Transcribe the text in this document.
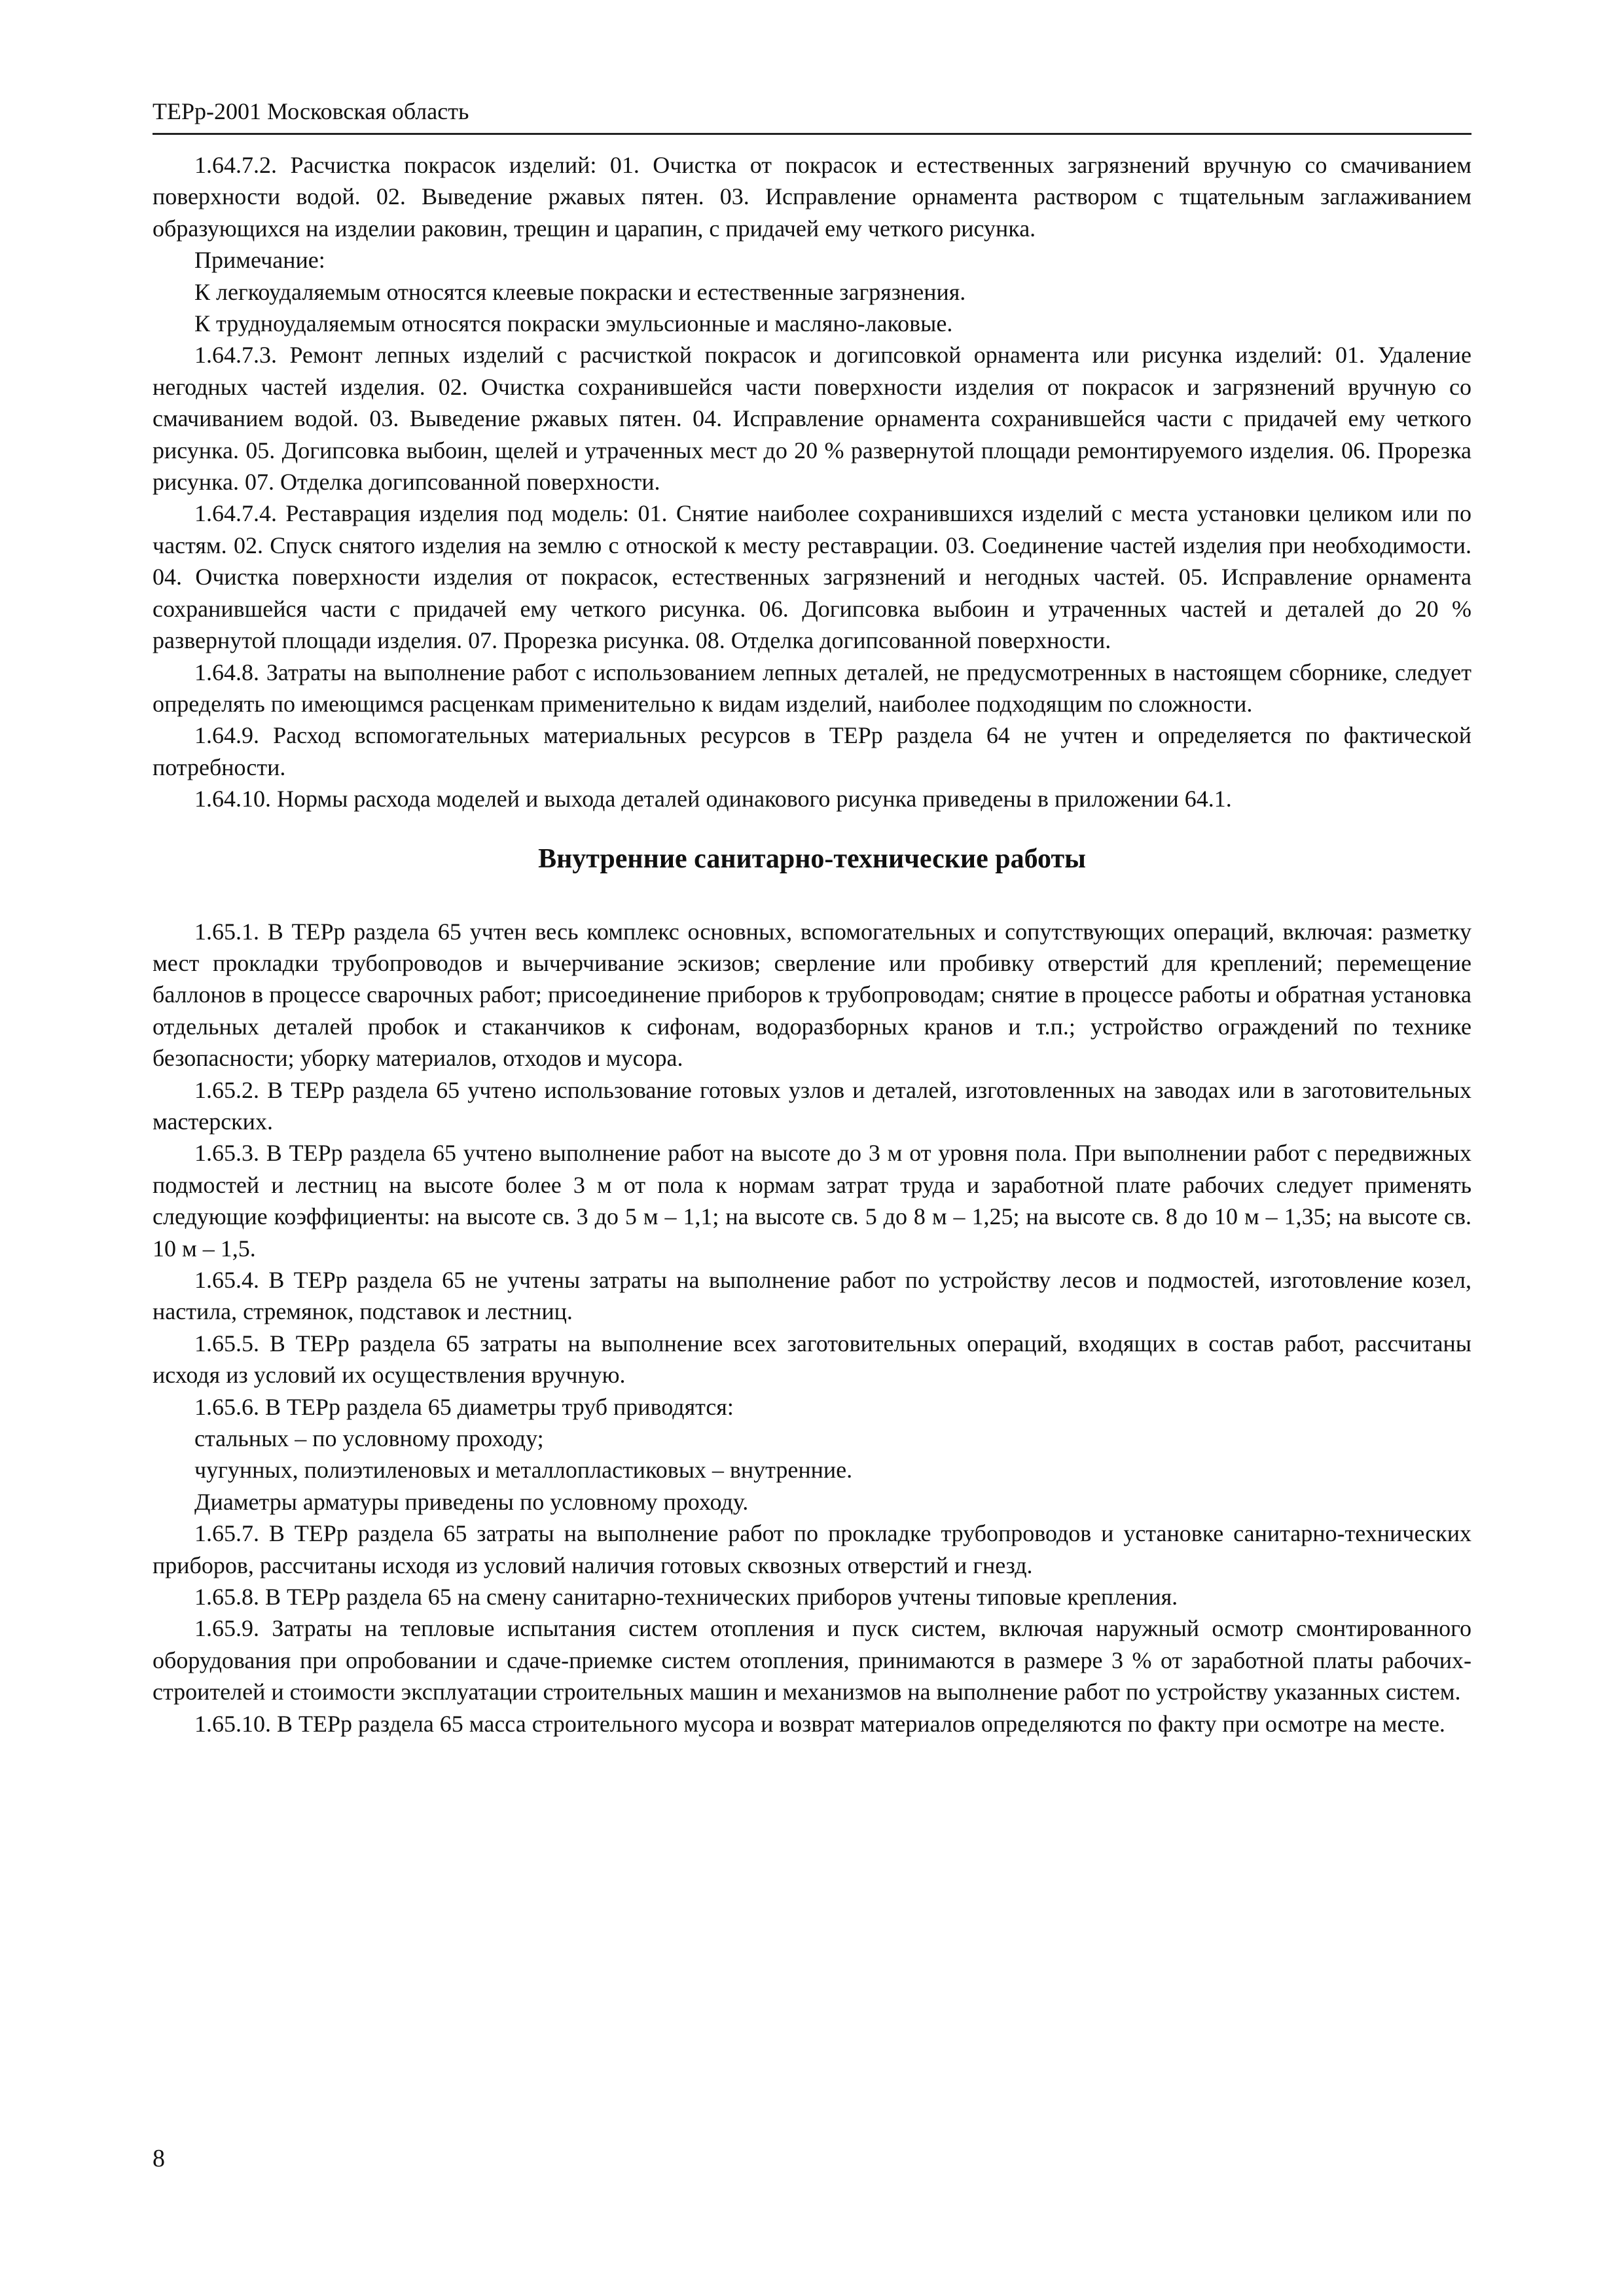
ТЕРр-2001 Московская область

1.64.7.2. Расчистка покрасок изделий: 01. Очистка от покрасок и естественных загрязнений вручную со смачиванием поверхности водой. 02. Выведение ржавых пятен. 03. Исправление орнамента раствором с тщательным заглаживанием образующихся на изделии раковин, трещин и царапин, с придачей ему четкого рисунка.

Примечание:

К легкоудаляемым относятся клеевые покраски и естественные загрязнения.

К трудноудаляемым относятся покраски эмульсионные и масляно-лаковые.

1.64.7.3. Ремонт лепных изделий с расчисткой покрасок и догипсовкой орнамента или рисунка изделий: 01. Удаление негодных частей изделия. 02. Очистка сохранившейся части поверхности изделия от покрасок и загрязнений вручную со смачиванием водой. 03. Выведение ржавых пятен. 04. Исправление орнамента сохранившейся части с придачей ему четкого рисунка. 05. Догипсовка выбоин, щелей и утраченных мест до 20 % развернутой площади ремонтируемого изделия. 06. Прорезка рисунка. 07. Отделка догипсованной поверхности.

1.64.7.4. Реставрация изделия под модель: 01. Снятие наиболее сохранившихся изделий с места установки целиком или по частям. 02. Спуск снятого изделия на землю с отноской к месту реставрации. 03. Соединение частей изделия при необходимости. 04. Очистка поверхности изделия от покрасок, естественных загрязнений и негодных частей. 05. Исправление орнамента сохранившейся части с придачей ему четкого рисунка. 06. Догипсовка выбоин и утраченных частей и деталей до 20 % развернутой площади изделия. 07. Прорезка рисунка. 08. Отделка догипсованной поверхности.

1.64.8. Затраты на выполнение работ с использованием лепных деталей, не предусмотренных в настоящем сборнике, следует определять по имеющимся расценкам применительно к видам изделий, наиболее подходящим по сложности.

1.64.9. Расход вспомогательных материальных ресурсов в ТЕРр раздела 64 не учтен и определяется по фактической потребности.

1.64.10. Нормы расхода моделей и выхода деталей одинакового рисунка приведены в приложении 64.1.

Внутренние санитарно-технические работы

1.65.1. В ТЕРр раздела 65 учтен весь комплекс основных, вспомогательных и сопутствующих операций, включая: разметку мест прокладки трубопроводов и вычерчивание эскизов; сверление или пробивку отверстий для креплений; перемещение баллонов в процессе сварочных работ; присоединение приборов к трубопроводам; снятие в процессе работы и обратная установка отдельных деталей пробок и стаканчиков к сифонам, водоразборных кранов и т.п.; устройство ограждений по технике безопасности; уборку материалов, отходов и мусора.

1.65.2. В ТЕРр раздела 65 учтено использование готовых узлов и деталей, изготовленных на заводах или в заготовительных мастерских.

1.65.3. В ТЕРр раздела 65 учтено выполнение работ на высоте до 3 м от уровня пола. При выполнении работ с передвижных подмостей и лестниц на высоте более 3 м от пола к нормам затрат труда и заработной плате рабочих следует применять следующие коэффициенты: на высоте св. 3 до 5 м – 1,1; на высоте св. 5 до 8 м – 1,25; на высоте св. 8 до 10 м – 1,35; на высоте св. 10 м – 1,5.

1.65.4. В ТЕРр раздела 65 не учтены затраты на выполнение работ по устройству лесов и подмостей, изготовление козел, настила, стремянок, подставок и лестниц.

1.65.5. В ТЕРр раздела 65 затраты на выполнение всех заготовительных операций, входящих в состав работ, рассчитаны исходя из условий их осуществления вручную.

1.65.6. В ТЕРр раздела 65 диаметры труб приводятся:

стальных – по условному проходу;

чугунных, полиэтиленовых и металлопластиковых – внутренние.

Диаметры арматуры приведены по условному проходу.

1.65.7. В ТЕРр раздела 65 затраты на выполнение работ по прокладке трубопроводов и установке санитарно-технических приборов, рассчитаны исходя из условий наличия готовых сквозных отверстий и гнезд.

1.65.8. В ТЕРр раздела 65 на смену санитарно-технических приборов учтены типовые крепления.

1.65.9. Затраты на тепловые испытания систем отопления и пуск систем, включая наружный осмотр смонтированного оборудования при опробовании и сдаче-приемке систем отопления, принимаются в размере 3 % от заработной платы рабочих-строителей и стоимости эксплуатации строительных машин и механизмов на выполнение работ по устройству указанных систем.

1.65.10. В ТЕРр раздела 65 масса строительного мусора и возврат материалов определяются по факту при осмотре на месте.

8
